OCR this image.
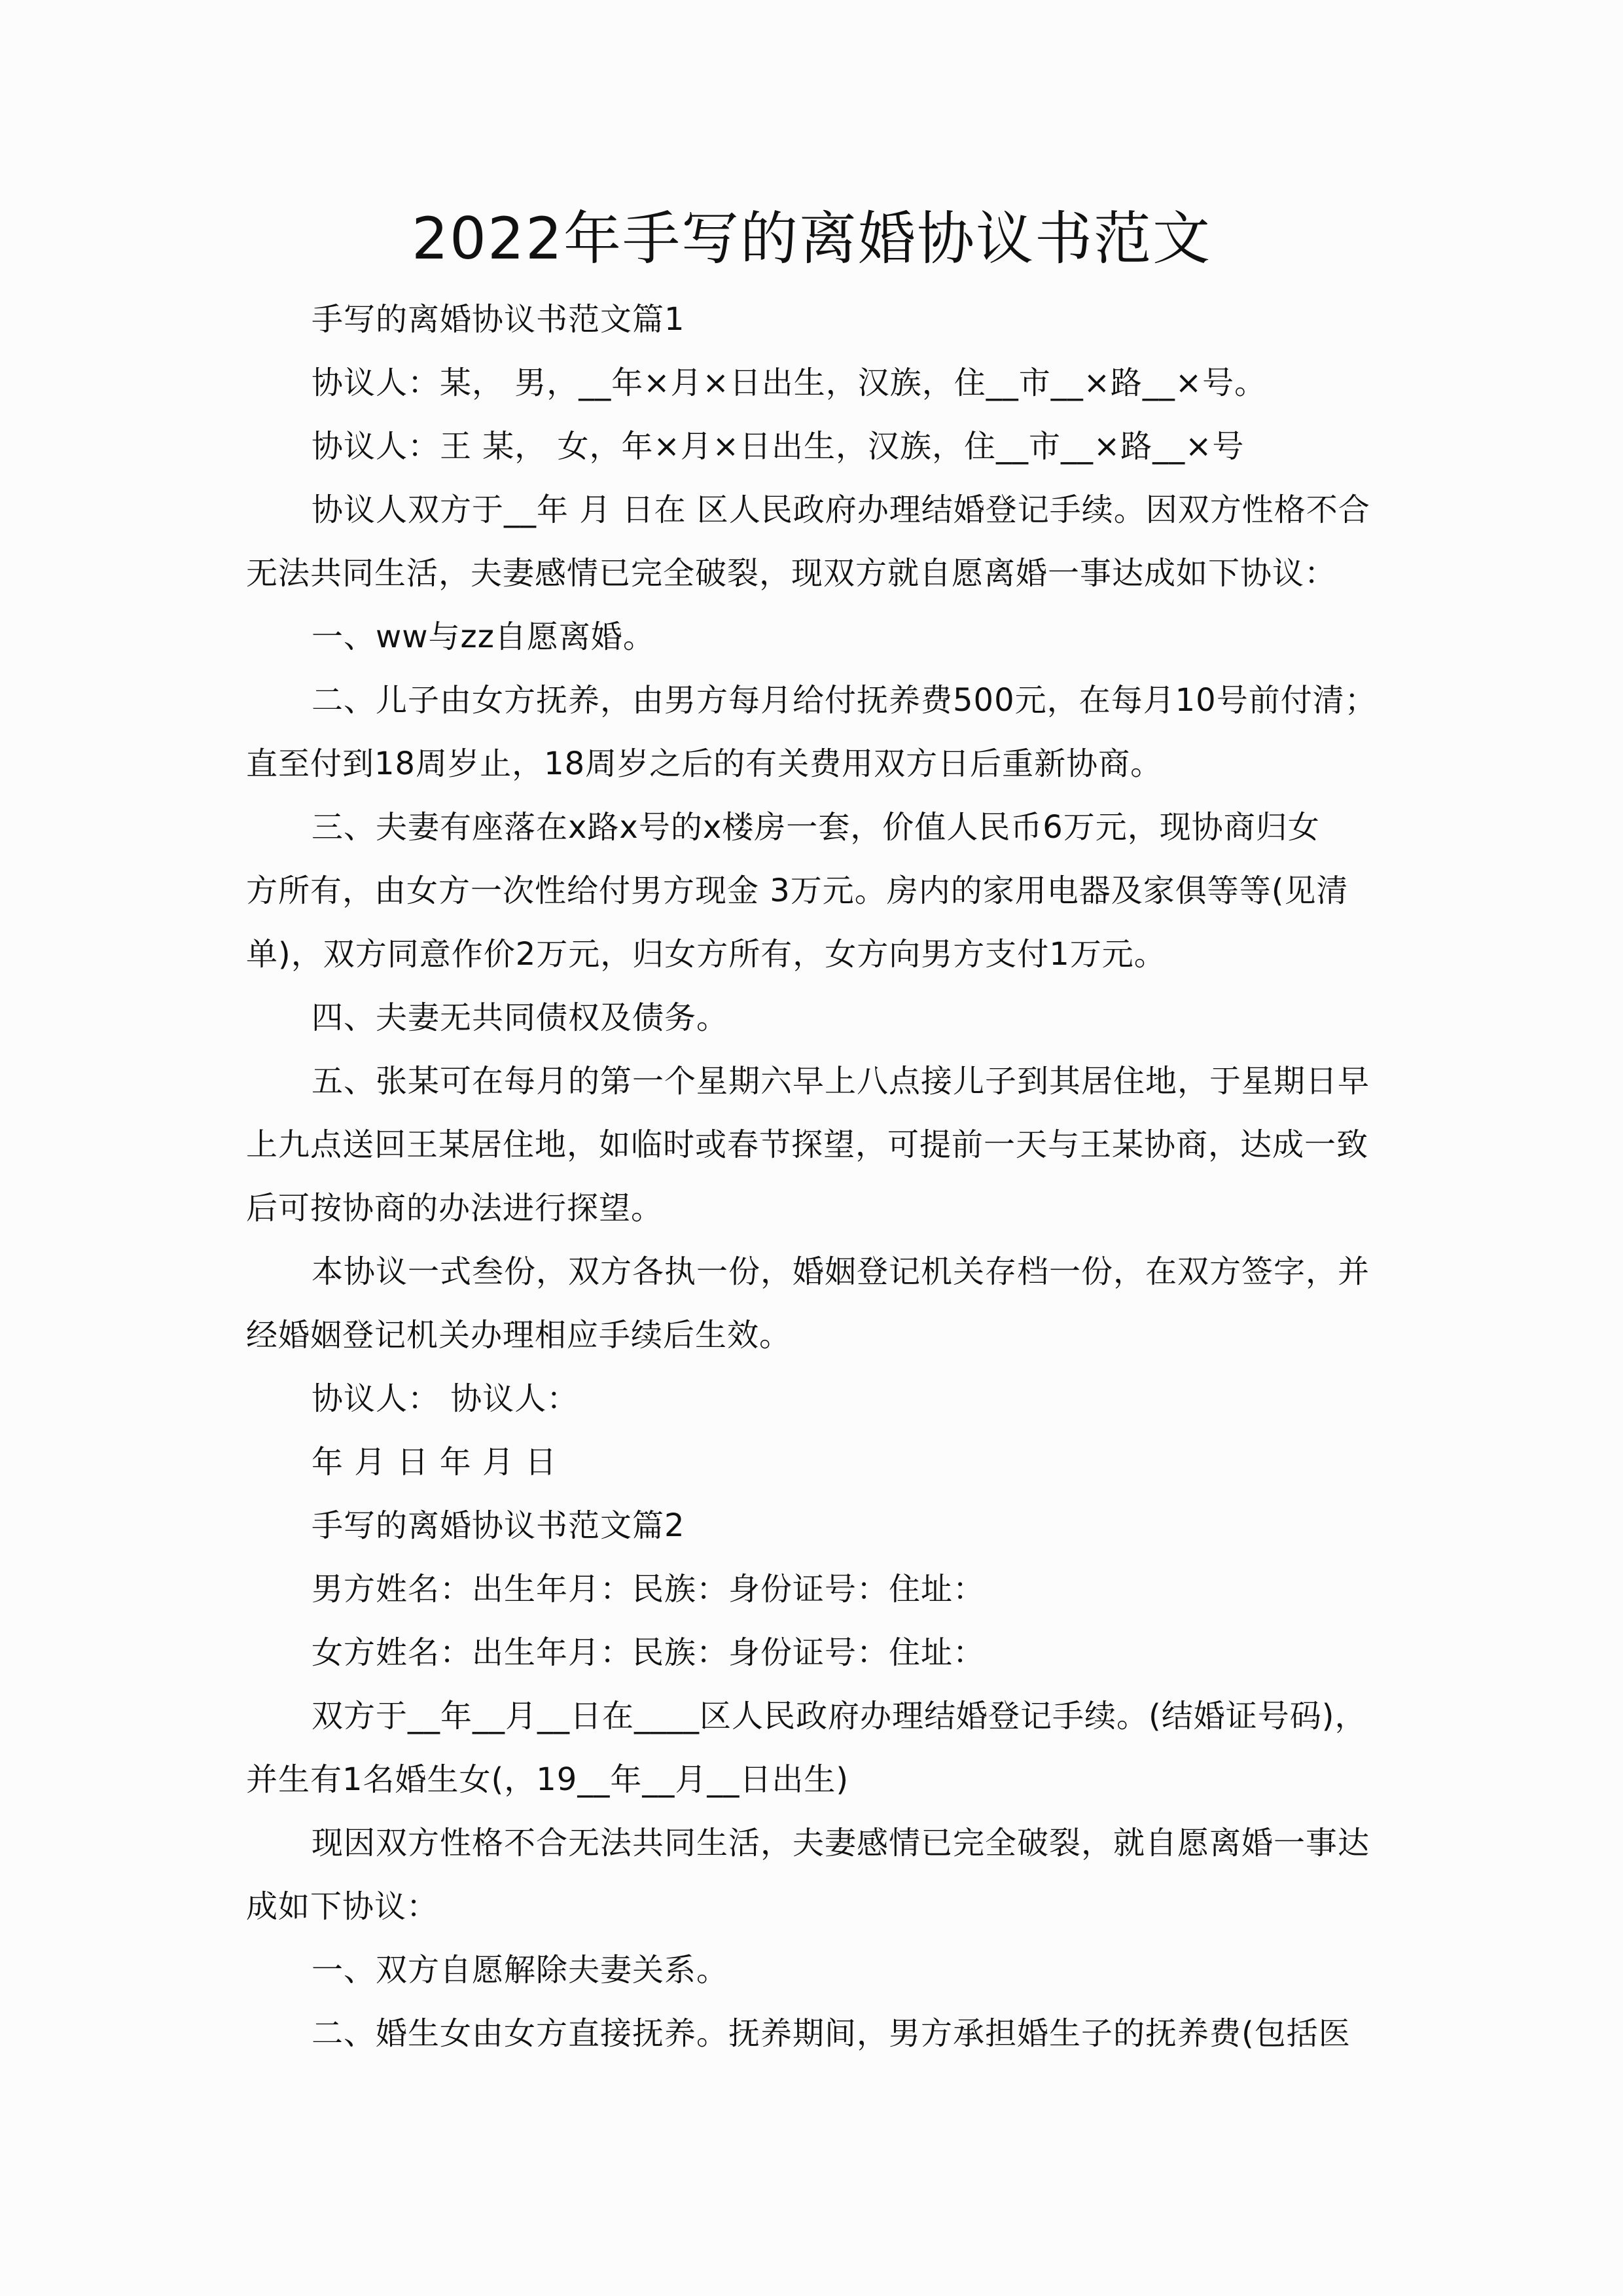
2022年手写的离婚协议书范文
手写的离婚协议书范文篇1
协议人：某， 男，__年×月×日出生，汉族，住__市__×路__×号。
协议人：王 某， 女，年×月×日出生，汉族，住__市__×路__×号
协议人双方于__年 月 日在 区人民政府办理结婚登记手续。因双方性格不合
无法共同生活，夫妻感情已完全破裂，现双方就自愿离婚一事达成如下协议：
一、ww与zz自愿离婚。
二、儿子由女方抚养，由男方每月给付抚养费500元，在每月10号前付清；
直至付到18周岁止，18周岁之后的有关费用双方日后重新协商。
三、夫妻有座落在x路x号的x楼房一套，价值人民币6万元，现协商归女
方所有，由女方一次性给付男方现金 3万元。房内的家用电器及家俱等等(见清
单)，双方同意作价2万元，归女方所有，女方向男方支付1万元。
四、夫妻无共同债权及债务。
五、张某可在每月的第一个星期六早上八点接儿子到其居住地，于星期日早
上九点送回王某居住地，如临时或春节探望，可提前一天与王某协商，达成一致
后可按协商的办法进行探望。
本协议一式叁份，双方各执一份，婚姻登记机关存档一份，在双方签字，并
经婚姻登记机关办理相应手续后生效。
协议人： 协议人：
年 月 日 年 月 日
手写的离婚协议书范文篇2
男方姓名：出生年月：民族：身份证号：住址：
女方姓名：出生年月：民族：身份证号：住址：
双方于__年__月__日在____区人民政府办理结婚登记手续。(结婚证号码)，
并生有1名婚生女(，19__年__月__日出生)
现因双方性格不合无法共同生活，夫妻感情已完全破裂，就自愿离婚一事达
成如下协议：
一、双方自愿解除夫妻关系。
二、婚生女由女方直接抚养。抚养期间，男方承担婚生子的抚养费(包括医
